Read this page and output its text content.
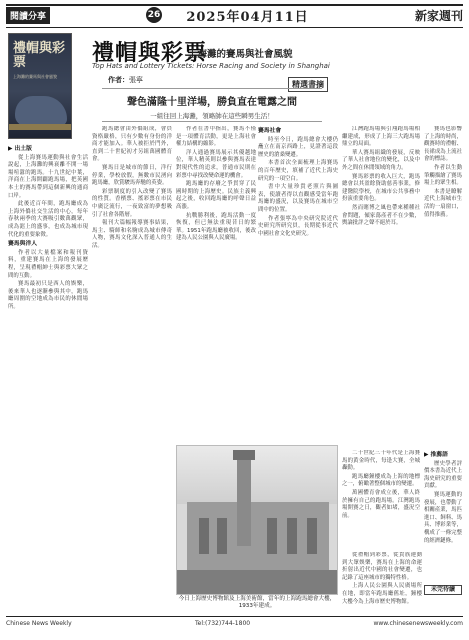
閱讀分享	26	2025年04月11日	新家週刊
禮帽與彩票
上海灘的賽馬與社會風貌
禮帽與彩票
上海灘的賽馬與社會風貌
Top Hats and Lottery Tickets: Horse Racing and Society in Shanghai
作者：張寧	精選書摘
聲色滿隆十里洋場，勝負直在電露之間
一組往回上海灘，領略帥在這些瞬男生活！

▶ 出土版

從上海賽馬運動與社會生活說起，上海灘的興衰離不開一場場喧囂的跑馬。十九世紀中葉，洋商在上海開闢跑馬場，把英國本土的賽馬帶到這個新興的通商口岸。

此後近百年間，跑馬廳成為上海外僑社交生活的中心，每年春秋兩季的大賽吸引數萬觀眾，成為滬上的盛事，也成為城市現代化的重要象徵。

賽馬與洋人

作者以大量檔案和報刊資料，重建賽馬在上海的發展歷程，呈現禮帽紳士與彩票大眾之間的互動。

賽馬最初只是西人的娛樂，後來華人也逐漸參與其中，跑馬廳周圍的空地成為市民的休閒場所。

跑馬總會由外僑組成，會員資格嚴格，只有少數有身份的洋商才能加入。華人被拒於門外，直到二十世紀初才另組萬國體育會。

賽馬日是城市的節日，洋行停業，學校放假，無數市民湧向跑馬廳，欣賞駿馬奔馳的英姿。

彩票制度的引入改變了賽馬的性質。香檳票、搖彩票在市民中廣泛流行，一夜致富的夢想吸引了社會各階層。

報刊大篇幅報導賽事結果，馬主、騎師和名駒成為城市傳奇人物，賽馬文化深入普通人的生活。

作者在書中指出，賽馬不僅是一項體育活動，更是上海社會權力結構的縮影。

洋人通過賽馬展示其優越地位，華人精英則以參與賽馬表達對現代性的追求，普通市民則在彩票中尋找改變命運的機會。

跑馬廳的存廢之爭貫穿了民國時期的上海歷史。民族主義興起之後，收回跑馬廳的呼聲日益高漲。

抗戰勝利後，跑馬活動一度恢復，但已無法重現昔日的繁華。1951年跑馬廳被收回，後改建為人民公園與人民廣場。

賽馬社會

時至今日，跑馬總會大樓仍矗立在南京西路上，見證著這段歷史的滄桑變遷。

本書首次全面梳理上海賽馬的百年歷史，填補了近代上海史研究的一項空白。

書中大量珍貴老照片與圖表，使讀者得以直觀感受當年跑馬廳的盛況，以及賽馬在城市空間中的位置。

作者張寧為中央研究院近代史研究所研究員，長期從事近代中國社會文化史研究。

江灣跑馬場與引翔跑馬場相繼建成，形成了上海三大跑馬場鼎立的局面。

華人賽馬組織的發展，反映了華人社會地位的變化，以及中外之間在休閒領域的角力。

賽馬彩票的收入巨大，跑馬總會以其盈餘資助慈善事業，修建醫院學校，在城市公共事務中扮演重要角色。

然而賭博之風也帶來種種社會問題，傾家蕩產者不在少數，輿論批評之聲不絕於耳。

賽馬也影響了上海的時尚，觀賽時的禮帽、長裙成為上流社會的標誌。

作者以生動筆觸描繪了賽馬場上的眾生相。

本書是瞭解近代上海城市生活的一扇窗口，值得推薦。

今日上海歷史博物館及上海美術館，當年的上海跑馬總會大樓，1933年建成。

二十世紀三十年代是上海賽馬的黃金時代，每逢大賽，全城轟動。

跑馬廳鐘樓成為上海的地標之一，俯瞰著整個城市的變遷。

萬國體育會成立後，華人終於擁有自己的跑馬場。江灣跑馬場開賽之日，觀者如堵，盛況空前。

▶ 推薦語

歷史學者評價本書為近代上海史研究的重要貢獻。

賽馬運動的發展，也帶動了相關產業，馬匹進口、飼料、馬具、博彩業等，構成了一條完整的經濟鏈條。

從禮帽到彩票，從貴族運動到大眾娛樂，賽馬在上海的命運折射出近代中國的社會變遷，也記錄了這座城市的獨特性格。

上海人民公園與人民廣場所在地，即當年跑馬廳舊址，鐘樓大樓今為上海市歷史博物館。

未完待續
Chinese News Weekly	Tel:(732)744-1800	www.chinesenewsweekly.com
